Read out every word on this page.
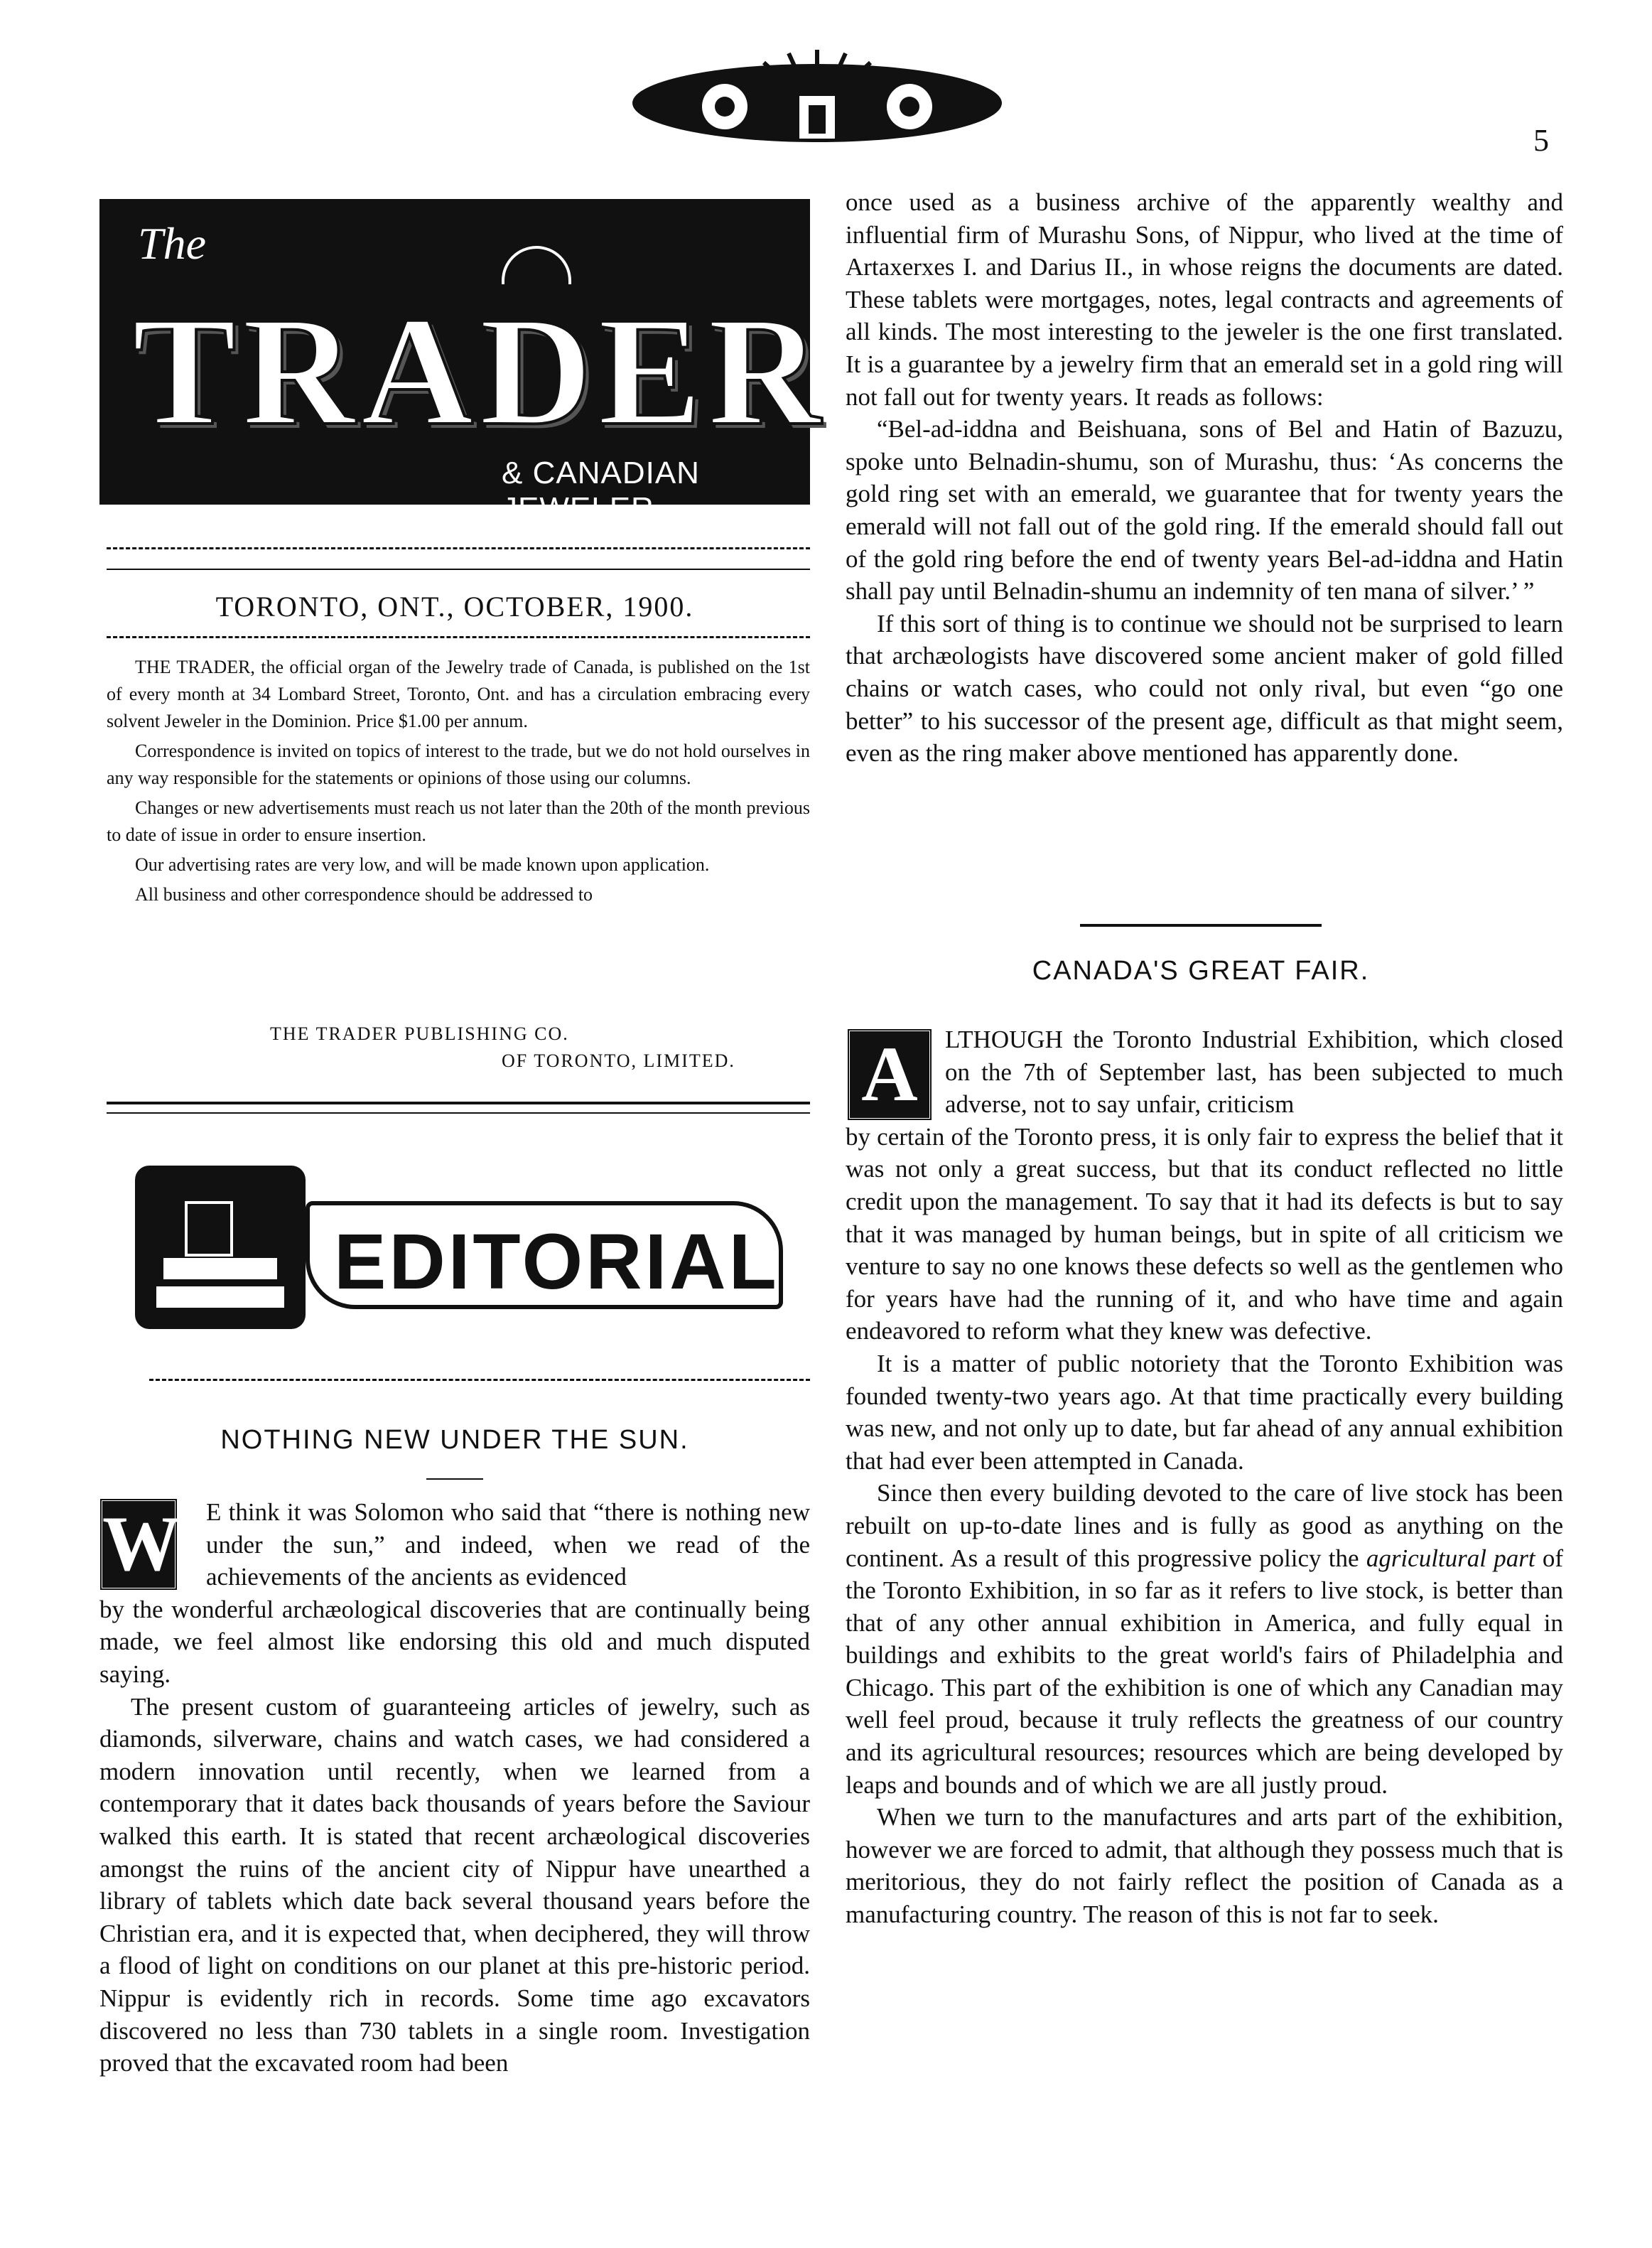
5
The
TRADER
& CANADIAN JEWELER
TORONTO, ONT., OCTOBER, 1900.

THE TRADER, the official organ of the Jewelry trade of Canada, is published on the 1st of every month at 34 Lombard Street, Toronto, Ont. and has a circulation embracing every solvent Jeweler in the Dominion. Price $1.00 per annum.

Correspondence is invited on topics of interest to the trade, but we do not hold ourselves in any way responsible for the statements or opinions of those using our columns.

Changes or new advertisements must reach us not later than the 20th of the month previous to date of issue in order to ensure insertion.

Our advertising rates are very low, and will be made known upon application.

All business and other correspondence should be addressed to

THE TRADER PUBLISHING CO.
OF TORONTO, LIMITED.
EDITORIAL
NOTHING NEW UNDER THE SUN.
W E think it was Solomon who said that “there is nothing new under the sun,” and indeed, when we read of the achievements of the ancients as evidenced

by the wonderful archæological discoveries that are continually being made, we feel almost like endorsing this old and much disputed saying.

The present custom of guaranteeing articles of jewelry, such as diamonds, silverware, chains and watch cases, we had considered a modern innovation until recently, when we learned from a contemporary that it dates back thousands of years before the Saviour walked this earth. It is stated that recent archæological discoveries amongst the ruins of the ancient city of Nippur have unearthed a library of tablets which date back several thousand years before the Christian era, and it is expected that, when deciphered, they will throw a flood of light on conditions on our planet at this pre-historic period. Nippur is evidently rich in records. Some time ago excavators discovered no less than 730 tablets in a single room. Investigation proved that the excavated room had been

once used as a business archive of the apparently wealthy and influential firm of Murashu Sons, of Nippur, who lived at the time of Artaxerxes I. and Darius II., in whose reigns the documents are dated. These tablets were mortgages, notes, legal contracts and agreements of all kinds. The most interesting to the jeweler is the one first translated. It is a guarantee by a jewelry firm that an emerald set in a gold ring will not fall out for twenty years. It reads as follows:

“Bel-ad-iddna and Beishuana, sons of Bel and Hatin of Bazuzu, spoke unto Belnadin-shumu, son of Murashu, thus: ‘As concerns the gold ring set with an emerald, we guarantee that for twenty years the emerald will not fall out of the gold ring. If the emerald should fall out of the gold ring before the end of twenty years Bel-ad-iddna and Hatin shall pay until Belnadin-shumu an indemnity of ten mana of silver.’ ”

If this sort of thing is to continue we should not be surprised to learn that archæologists have discovered some ancient maker of gold filled chains or watch cases, who could not only rival, but even “go one better” to his successor of the present age, difficult as that might seem, even as the ring maker above mentioned has apparently done.

CANADA'S GREAT FAIR.
A	LTHOUGH the Toronto Industrial Exhibition, which closed on the 7th of September last, has been subjected to much adverse, not to say unfair, criticism

by certain of the Toronto press, it is only fair to express the belief that it was not only a great success, but that its conduct reflected no little credit upon the management. To say that it had its defects is but to say that it was managed by human beings, but in spite of all criticism we venture to say no one knows these defects so well as the gentlemen who for years have had the running of it, and who have time and again endeavored to reform what they knew was defective.

It is a matter of public notoriety that the Toronto Exhibition was founded twenty-two years ago. At that time practically every building was new, and not only up to date, but far ahead of any annual exhibition that had ever been attempted in Canada.

Since then every building devoted to the care of live stock has been rebuilt on up-to-date lines and is fully as good as anything on the continent. As a result of this progressive policy the agricultural part of the Toronto Exhibition, in so far as it refers to live stock, is better than that of any other annual exhibition in America, and fully equal in buildings and exhibits to the great world's fairs of Philadelphia and Chicago. This part of the exhibition is one of which any Canadian may well feel proud, because it truly reflects the greatness of our country and its agricultural resources; resources which are being developed by leaps and bounds and of which we are all justly proud.

When we turn to the manufactures and arts part of the exhibition, however we are forced to admit, that although they possess much that is meritorious, they do not fairly reflect the position of Canada as a manufacturing country. The reason of this is not far to seek.
